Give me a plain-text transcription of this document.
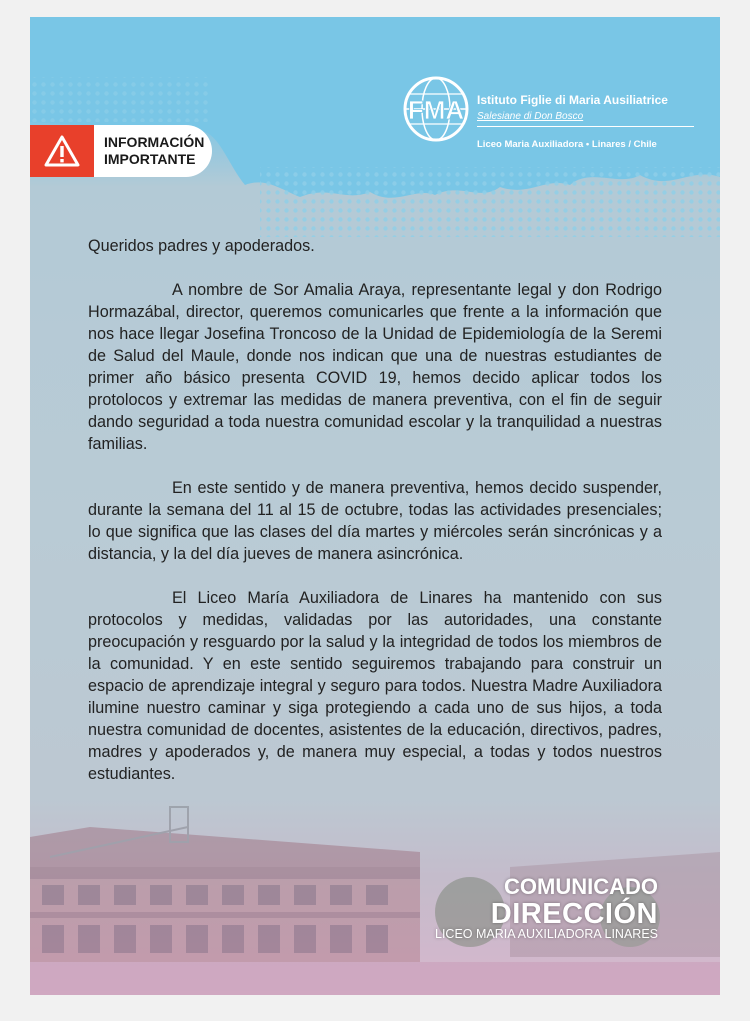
FMA Istituto Figlie di Maria Ausiliatrice
Salesiane di Don Bosco
Liceo Maria Auxiliadora • Linares / Chile
INFORMACIÓN
IMPORTANTE

Queridos padres y apoderados.

A nombre de Sor Amalia Araya, representante legal y don Rodrigo Hormazábal, director, queremos comunicarles que frente a la información que nos hace llegar Josefina Troncoso de la Unidad de Epidemiología de la Seremi de Salud del Maule, donde nos indican que una de nuestras estudiantes de primer año básico presenta COVID 19, hemos decido aplicar todos los protolocos y extremar las medidas de manera preventiva, con el fin de seguir dando seguridad a toda nuestra comunidad escolar y la tranquilidad a nuestras familias.

En este sentido y de manera preventiva, hemos decido suspender, durante la semana del 11 al 15 de octubre, todas las actividades presenciales; lo que significa que las clases del día martes y miércoles serán sincrónicas y a distancia, y la del día jueves de manera asincrónica.

El Liceo María Auxiliadora de Linares ha mantenido con sus protocolos y medidas, validadas por las autoridades, una constante preocupación y resguardo por la salud y la integridad de todos los miembros de la comunidad. Y en este sentido seguiremos trabajando para construir un espacio de aprendizaje integral y seguro para todos. Nuestra Madre Auxiliadora ilumine nuestro caminar y siga protegiendo a cada uno de sus hijos, a toda nuestra comunidad de docentes, asistentes de la educación, directivos, padres, madres y apoderados y, de manera muy especial, a todas y todos nuestros estudiantes.

COMUNICADO
DIRECCIÓN
LICEO MARIA AUXILIADORA LINARES
